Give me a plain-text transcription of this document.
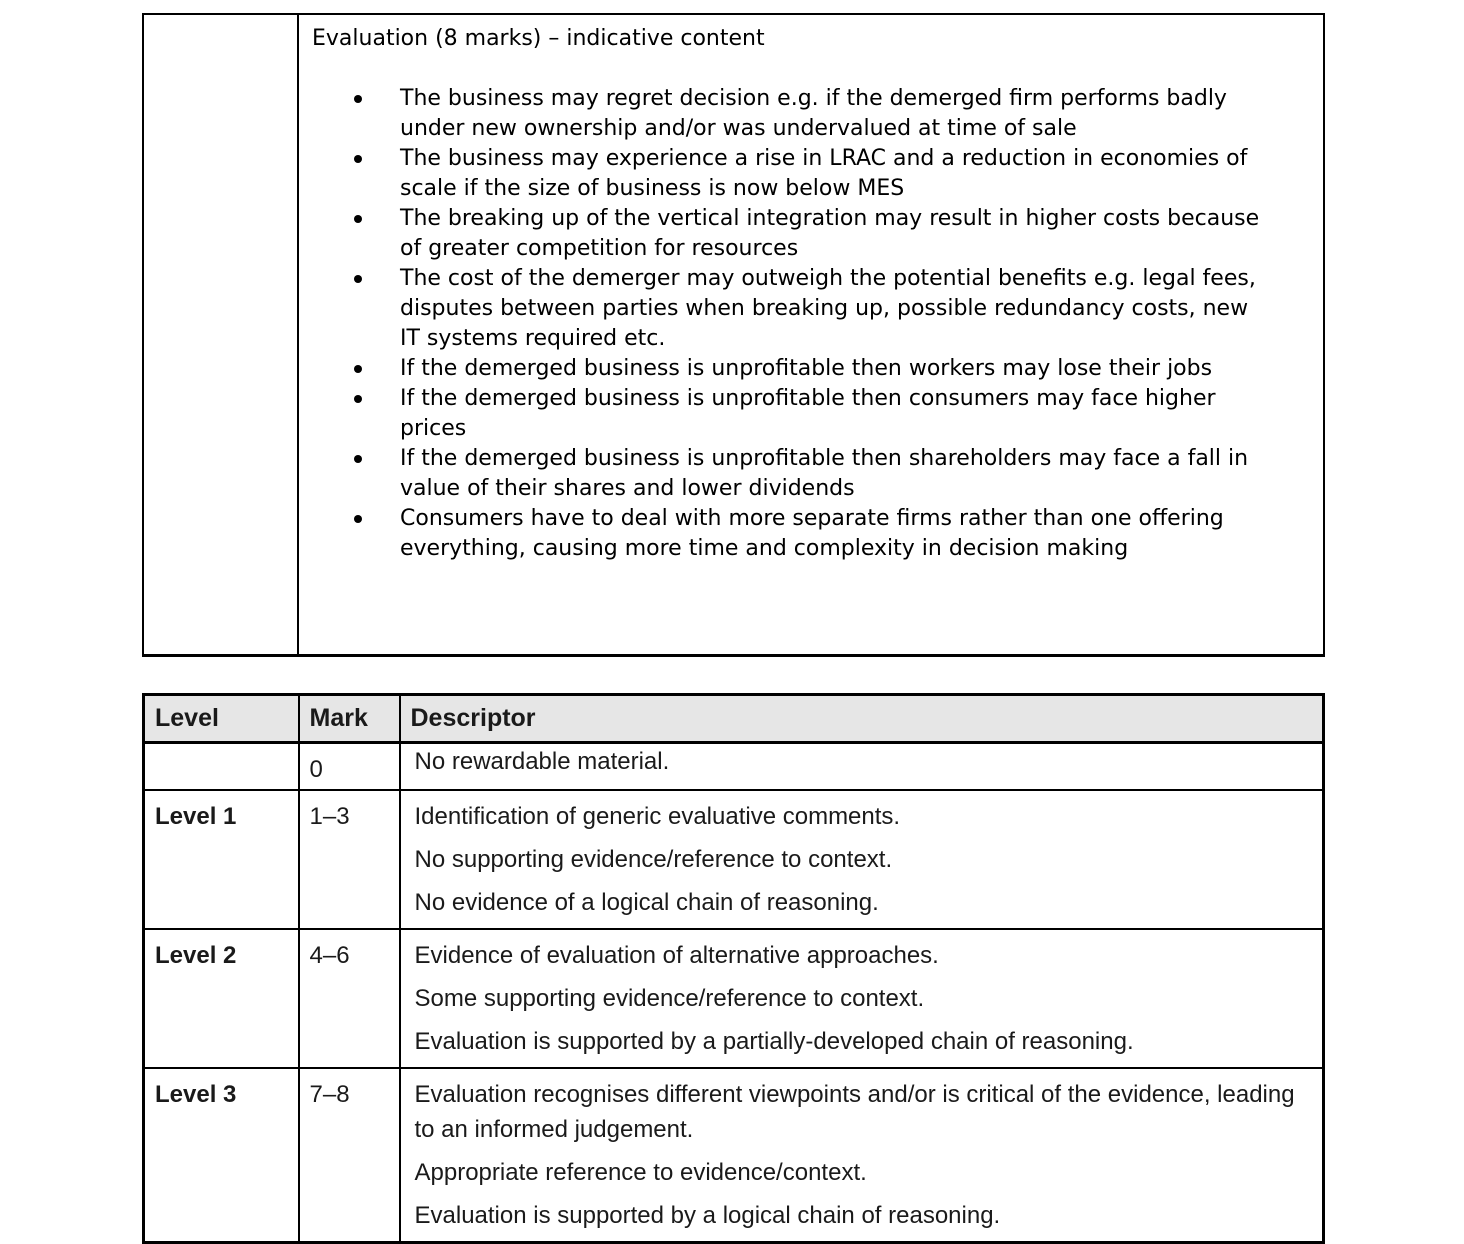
Evaluation (8 marks) – indicative content
The business may regret decision e.g. if the demerged firm performs badly under new ownership and/or was undervalued at time of sale
The business may experience a rise in LRAC and a reduction in economies of scale if the size of business is now below MES
The breaking up of the vertical integration may result in higher costs because of greater competition for resources
The cost of the demerger may outweigh the potential benefits e.g. legal fees, disputes between parties when breaking up, possible redundancy costs, new IT systems required etc.
If the demerged business is unprofitable then workers may lose their jobs
If the demerged business is unprofitable then consumers may face higher prices
If the demerged business is unprofitable then shareholders may face a fall in value of their shares and lower dividends
Consumers have to deal with more separate firms rather than one offering everything, causing more time and complexity in decision making
Level	Mark	Descriptor
	0	No rewardable material.

Level 1	1–3	Identification of generic evaluative comments.

No supporting evidence/reference to context.

No evidence of a logical chain of reasoning.

Level 2	4–6	Evidence of evaluation of alternative approaches.

Some supporting evidence/reference to context.

Evaluation is supported by a partially-developed chain of reasoning.

Level 3	7–8	Evaluation recognises different viewpoints and/or is critical of the evidence, leading to an informed judgement.

Appropriate reference to evidence/context.

Evaluation is supported by a logical chain of reasoning.
